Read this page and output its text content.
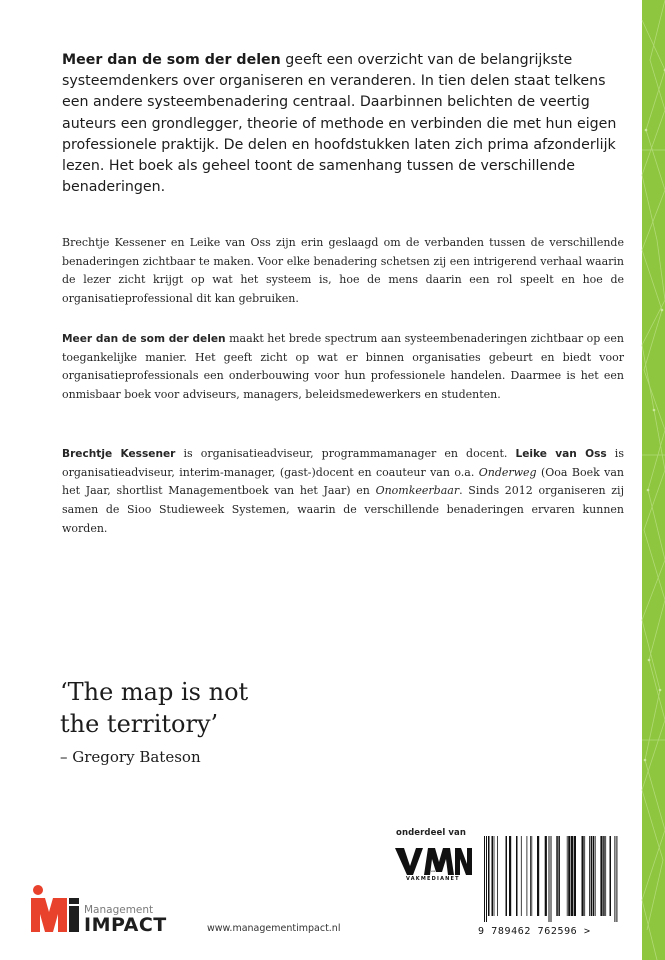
Meer dan de som der delen geeft een overzicht van de belangrijkste systeemdenkers over organiseren en veranderen. In tien delen staat telkens een andere systeembenadering centraal. Daarbinnen belichten de veertig auteurs een grondlegger, theorie of methode en verbinden die met hun eigen professionele praktijk. De delen en hoofdstukken laten zich prima afzonderlijk lezen. Het boek als geheel toont de samenhang tussen de verschillende benaderingen.

Brechtje Kessener en Leike van Oss zijn erin geslaagd om de verbanden tussen de verschillende benaderingen zichtbaar te maken. Voor elke benadering schetsen zij een intrigerend verhaal waarin de lezer zicht krijgt op wat het systeem is, hoe de mens daarin een rol speelt en hoe de organisatieprofessional dit kan gebruiken.

Meer dan de som der delen maakt het brede spectrum aan systeembenaderingen zichtbaar op een toegankelijke manier. Het geeft zicht op wat er binnen organisaties gebeurt en biedt voor organisatieprofessionals een onderbouwing voor hun professionele handelen. Daarmee is het een onmisbaar boek voor adviseurs, managers, beleidsmedewerkers en studenten.

Brechtje Kessener is organisatieadviseur, programmamanager en docent. Leike van Oss is organisatieadviseur, interim-manager, (gast-)docent en coauteur van o.a. Onderweg (Ooa Boek van het Jaar, shortlist Managementboek van het Jaar) en Onomkeerbaar. Sinds 2012 organiseren zij samen de Sioo Studieweek Systemen, waarin de verschillende benaderingen ervaren kunnen worden.

‘The map is not
the territory’
– Gregory Bateson
onderdeel van
VMN
VAKMEDIANET
MI
Management
IMPACT	www.managementimpact.nl	9 789462 762596 >
